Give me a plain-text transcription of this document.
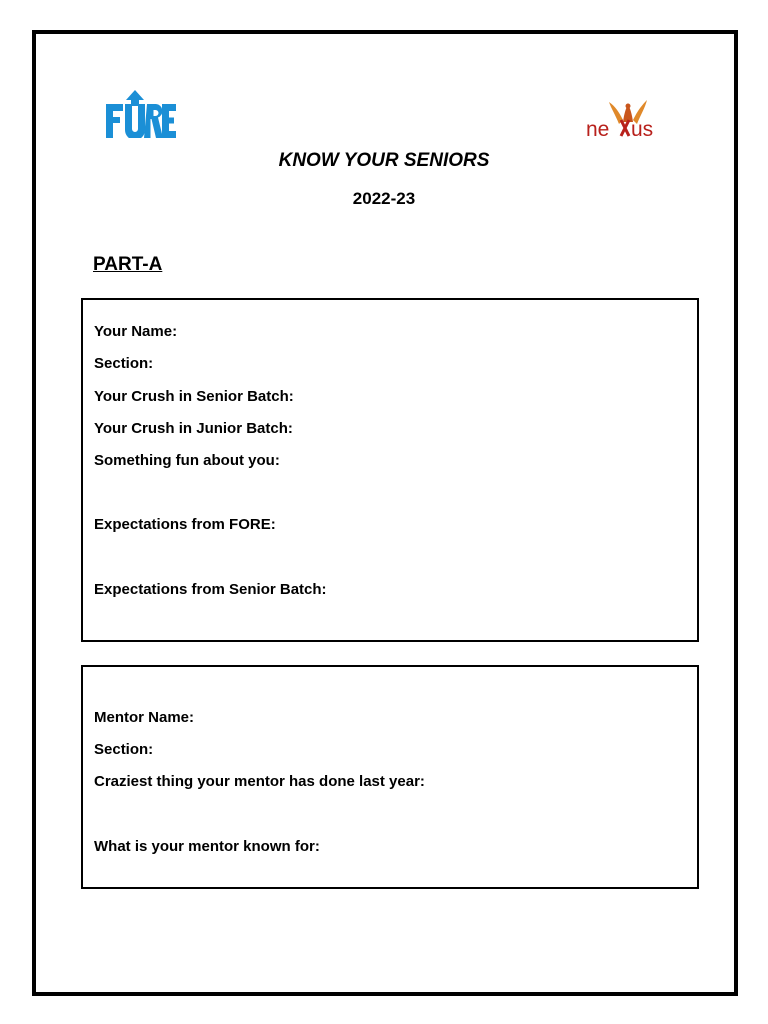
ne us
KNOW YOUR SENIORS
2022-23
PART-A
Your Name:
Section:
Your Crush in Senior Batch:
Your Crush in Junior Batch:
Something fun about you:
Expectations from FORE:
Expectations from Senior Batch:
Mentor Name:
Section:
Craziest thing your mentor has done last year:
What is your mentor known for:
